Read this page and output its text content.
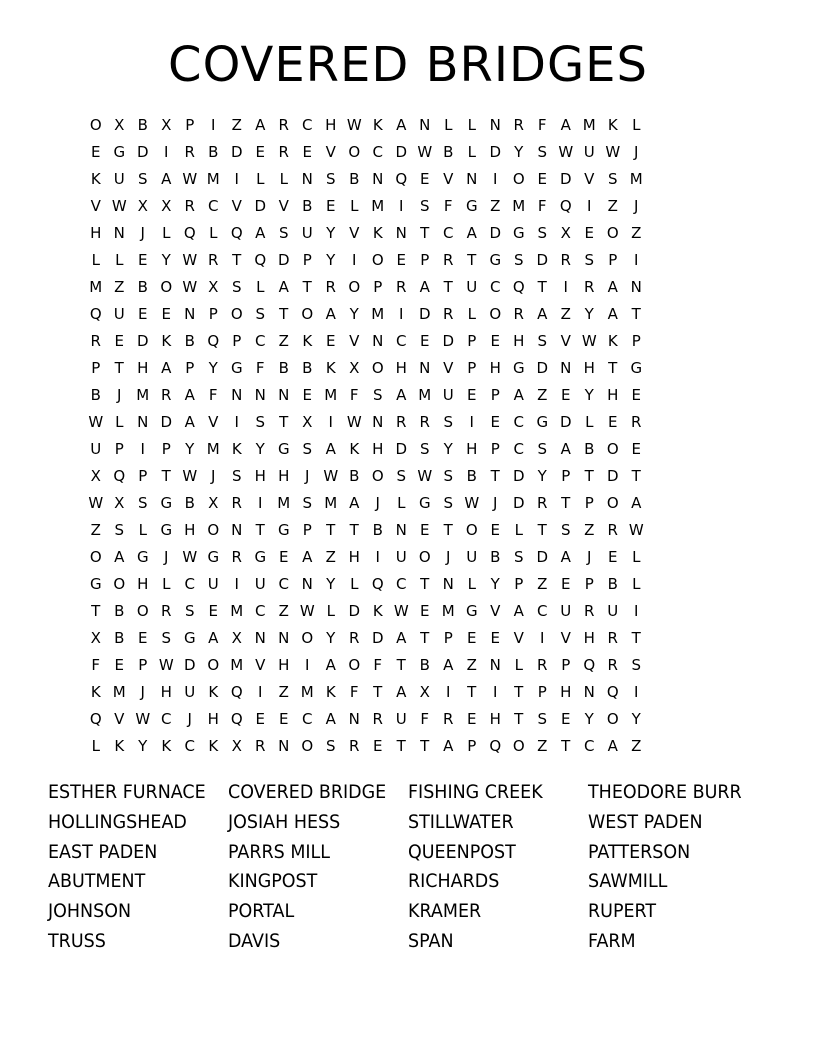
COVERED BRIDGES
O X B X P	I	Z A R C H W K A N L	L N R F A M K L
E G D	I	R B D E R E V O C D W B L D Y S W U W J
K U S A W M I	L	L N S B N Q E V N	I	O E D V S M
V W X X R C V D V B E L M I	S F G Z M F Q	I	Z	J
H N	J	L Q L Q A S U Y V K N T C A D G S X E O Z
L	L E Y W R T Q D P Y	I	O E P R T G S D R S P	I
M Z B O W X S L A T R O P R A T U C Q T	I	R A N
Q U E E N P O S T O A Y M I	D R L O R A Z Y A T
R E D K B Q P C Z K E V N C E D P E H S V W K P
P T H A P Y G F B B K X O H N V P H G D N H T G
B	J M R A F N N N E M F S A M U E P A Z E Y H E
W L N D A V	I	S T X	I W N R R S	I	E C G D L E R
U P	I	P Y M K Y G S A K H D S Y H P C S A B O E
X Q P T W J	S H H	J W B O S W S B T D Y P T D T
W X S G B X R	I M S M A	J	L G S W J	D R T P O A
Z S L G H O N T G P T T B N E T O E L T S Z R W
O A G	J W G R G E A Z H	I	U O	J	U B S D A	J	E L
G O H L C U	I	U C N Y L Q C T N L Y P Z E P B L
T B O R S E M C Z W L D K W E M G V A C U R U	I
X B E S G A X N N O Y R D A T P E E V	I	V H R T
F E P W D O M V H	I	A O F T B A Z N L R P Q R S
K M J	H U K Q	I	Z M K F T A X	I	T	I	T P H N Q	I
Q V W C	J	H Q E E C A N R U F R E H T S E Y O Y
L K Y K C K X R N O S R E T T A P Q O Z T C A Z
ESTHER FURNACE	COVERED BRIDGE	FISHING CREEK	THEODORE BURR
HOLLINGSHEAD	JOSIAH HESS	STILLWATER	WEST PADEN
EAST PADEN	PARRS MILL	QUEENPOST	PATTERSON
ABUTMENT	KINGPOST	RICHARDS	SAWMILL
JOHNSON	PORTAL	KRAMER	RUPERT
TRUSS	DAVIS	SPAN	FARM
